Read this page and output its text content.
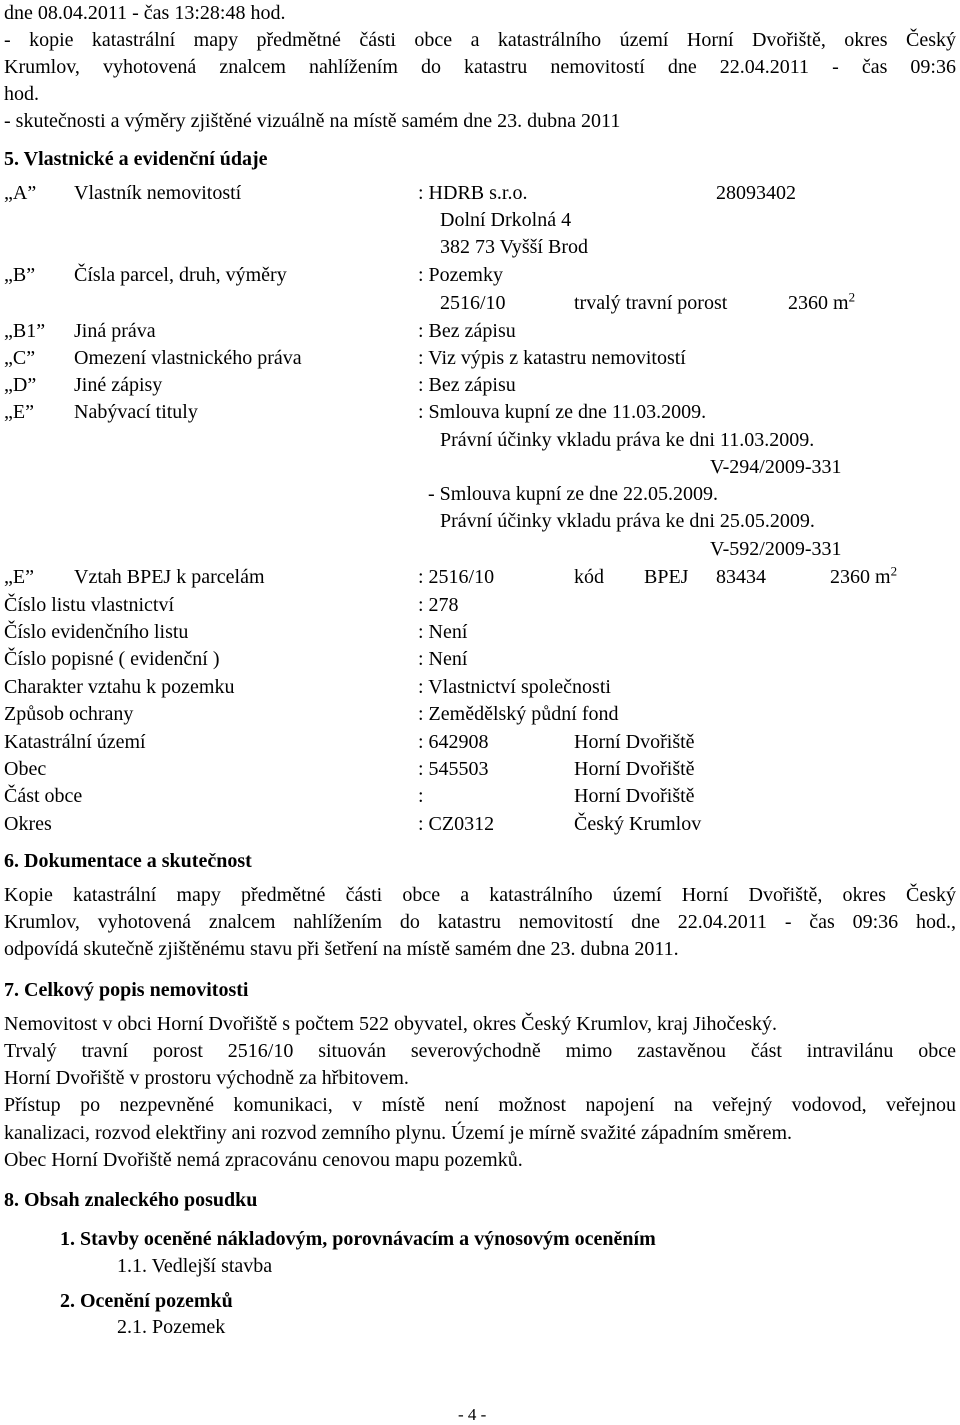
dne 08.04.2011 - čas 13:28:48 hod.
- kopie katastrální mapy předmětné části obce a katastrálního území Horní Dvořiště, okres Český
Krumlov, vyhotovená znalcem nahlížením do katastru nemovitostí dne 22.04.2011 - čas 09:36
hod.
- skutečnosti a výměry zjištěné vizuálně na místě samém dne 23. dubna 2011
5. Vlastnické a evidenční údaje
„A” Vlastník nemovitostí	: HDRB s.r.o.	28093402
Dolní Drkolná 4
382 73 Vyšší Brod
„B” Čísla parcel, druh, výměry	: Pozemky
2516/10	trvalý travní porost	2360 $m^2$
„B1” Jiná práva	: Bez zápisu
„C” Omezení vlastnického práva	: Viz výpis z katastru nemovitostí
„D” Jiné zápisy	: Bez zápisu
„E” Nabývací tituly	: Smlouva kupní ze dne 11.03.2009.
Právní účinky vkladu práva ke dni 11.03.2009.
V-294/2009-331
- Smlouva kupní ze dne 22.05.2009.
Právní účinky vkladu práva ke dni 25.05.2009.
V-592/2009-331
„E” Vztah BPEJ k parcelám	: 2516/10	kód BPEJ 83434	2360 $m^2$
Číslo listu vlastnictví	: 278
Číslo evidenčního listu	: Není
Číslo popisné ( evidenční )	: Není
Charakter vztahu k pozemku	: Vlastnictví společnosti
Způsob ochrany	: Zemědělský půdní fond
Katastrální území	: 642908	Horní Dvořiště
Obec	: 545503	Horní Dvořiště
Část obce	:	Horní Dvořiště
Okres	: CZ0312	Český Krumlov
6. Dokumentace a skutečnost
Kopie katastrální mapy předmětné části obce a katastrálního území Horní Dvořiště, okres Český
Krumlov, vyhotovená znalcem nahlížením do katastru nemovitostí dne 22.04.2011 - čas 09:36 hod.,
odpovídá skutečně zjištěnému stavu při šetření na místě samém dne 23. dubna 2011.
7. Celkový popis nemovitosti
Nemovitost v obci Horní Dvořiště s počtem 522 obyvatel, okres Český Krumlov, kraj Jihočeský.
Trvalý travní porost 2516/10 situován severovýchodně mimo zastavěnou část intravilánu obce
Horní Dvořiště v prostoru východně za hřbitovem.
Přístup po nezpevněné komunikaci, v místě není možnost napojení na veřejný vodovod, veřejnou
kanalizaci, rozvod elektřiny ani rozvod zemního plynu. Území je mírně svažité západním směrem.
Obec Horní Dvořiště nemá zpracovánu cenovou mapu pozemků.
8. Obsah znaleckého posudku
1. Stavby oceněné nákladovým, porovnávacím a výnosovým oceněním
1.1. Vedlejší stavba
2. Ocenění pozemků
2.1. Pozemek
- 4 -
